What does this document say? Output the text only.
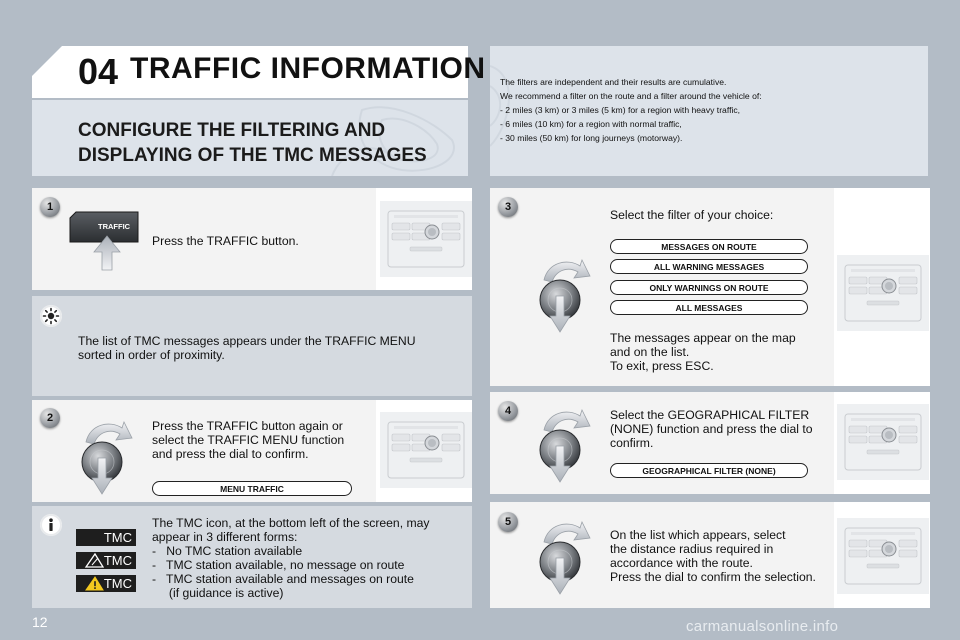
04 TRAFFIC INFORMATION
CONFIGURE THE FILTERING AND
DISPLAYING OF THE TMC MESSAGES
The filters are independent and their results are cumulative.
We recommend a filter on the route and a filter around the vehicle of:
- 2 miles (3 km) or 3 miles (5 km) for a region with heavy traffic,
- 6 miles (10 km) for a region with normal traffic,
- 30 miles (50 km) for long journeys (motorway).
1
TRAFFIC
Press the TRAFFIC button.
The list of TMC messages appears under the TRAFFIC MENU
sorted in order of proximity.
2
Press the TRAFFIC button again or
select the TRAFFIC MENU function
and press the dial to confirm.
MENU TRAFFIC
TMC
TMC
TMC
The TMC icon, at the bottom left of the screen, may
appear in 3 different forms:
-   No TMC station available
-   TMC station available, no message on route
-   TMC station available and messages on route
(if guidance is active)
3
Select the filter of your choice:
MESSAGES ON ROUTE
ALL WARNING MESSAGES
ONLY WARNINGS ON ROUTE
ALL MESSAGES
The messages appear on the map
and on the list.
To exit, press ESC.
4	Select the GEOGRAPHICAL FILTER
(NONE) function and press the dial to
confirm.
GEOGRAPHICAL FILTER (NONE)
5
On the list which appears, select
the distance radius required in
accordance with the route.
Press the dial to confirm the selection.
12	carmanualsonline.info
